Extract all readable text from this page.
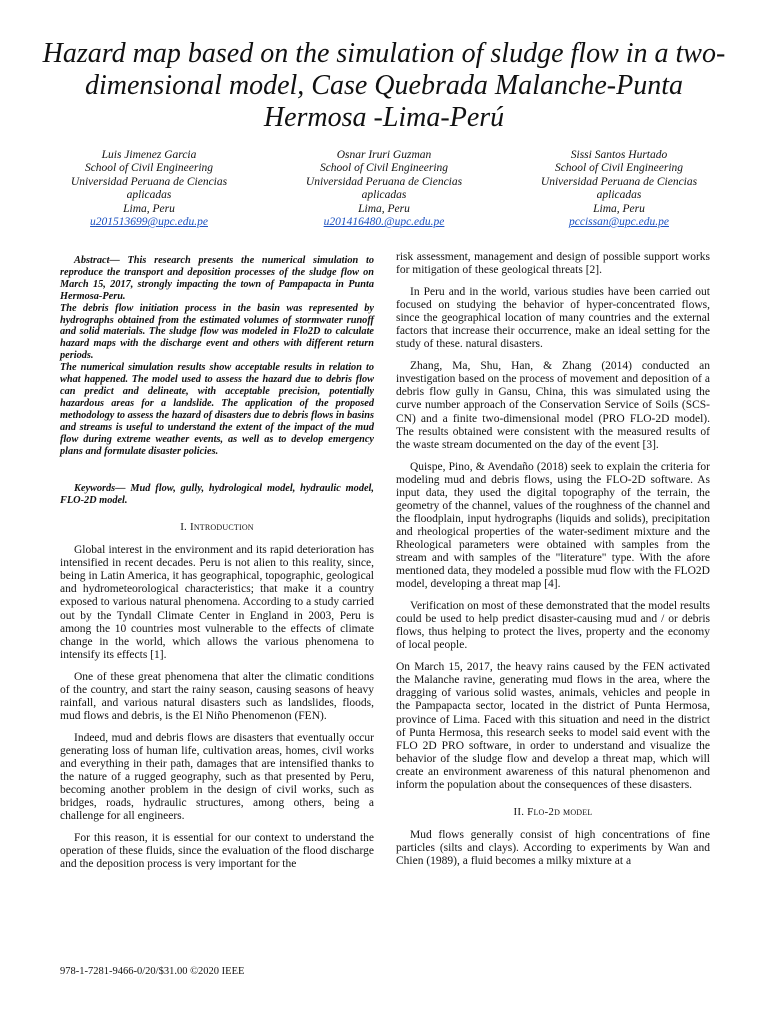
Hazard map based on the simulation of sludge flow in a two-dimensional model, Case Quebrada Malanche-Punta Hermosa -Lima-Perú
Luis Jimenez Garcia
School of Civil Engineering
Universidad Peruana de Ciencias
aplicadas
Lima, Peru
u201513699@upc.edu.pe
Osnar Iruri Guzman
School of Civil Engineering
Universidad Peruana de Ciencias
aplicadas
Lima, Peru
u201416480.@upc.edu.pe
Sissi Santos Hurtado
School of Civil Engineering
Universidad Peruana de Ciencias
aplicadas
Lima, Peru
pccissan@upc.edu.pe

Abstract— This research presents the numerical simulation to reproduce the transport and deposition processes of the sludge flow on March 15, 2017, strongly impacting the town of Pampapacta in Punta Hermosa-Peru.

The debris flow initiation process in the basin was represented by hydrographs obtained from the estimated volumes of stormwater runoff and solid materials. The sludge flow was modeled in Flo2D to calculate hazard maps with the discharge event and others with different return periods.

The numerical simulation results show acceptable results in relation to what happened. The model used to assess the hazard due to debris flow can predict and delineate, with acceptable precision, potentially hazardous areas for a landslide. The application of the proposed methodology to assess the hazard of disasters due to debris flows in basins and streams is useful to understand the extent of the impact of the mud flow during extreme weather events, as well as to develop emergency plans and formulate disaster policies.

Keywords— Mud flow, gully, hydrological model, hydraulic model, FLO-2D model.

I. Introduction

Global interest in the environment and its rapid deterioration has intensified in recent decades. Peru is not alien to this reality, since, being in Latin America, it has geographical, topographic, geological and hydrometeorological characteristics; that make it a country exposed to various natural phenomena. According to a study carried out by the Tyndall Climate Center in England in 2003, Peru is among the 10 countries most vulnerable to the effects of climate change in the world, which allows the various phenomena to intensify its effects [1].

One of these great phenomena that alter the climatic conditions of the country, and start the rainy season, causing seasons of heavy rainfall, and various natural disasters such as landslides, floods, mud flows and debris, is the El Niño Phenomenon (FEN).

Indeed, mud and debris flows are disasters that eventually occur generating loss of human life, cultivation areas, homes, civil works and everything in their path, damages that are intensified thanks to the nature of a rugged geography, such as that presented by Peru, becoming another problem in the design of civil works, such as bridges, roads, hydraulic structures, among others, being a challenge for all engineers.

For this reason, it is essential for our context to understand the operation of these fluids, since the evaluation of the flood discharge and the deposition process is very important for the

risk assessment, management and design of possible support works for mitigation of these geological threats [2].

In Peru and in the world, various studies have been carried out focused on studying the behavior of hyper-concentrated flows, since the geographical location of many countries and the external factors that increase their occurrence, make an ideal setting for the study of these. natural disasters.

Zhang, Ma, Shu, Han, & Zhang (2014) conducted an investigation based on the process of movement and deposition of a debris flow gully in Gansu, China, this was simulated using the curve number approach of the Conservation Service of Soils (SCS-CN) and a finite two-dimensional model (PRO FLO-2D model). The results obtained were consistent with the measured results of the waste stream documented on the day of the event [3].

Quispe, Pino, & Avendaño (2018) seek to explain the criteria for modeling mud and debris flows, using the FLO-2D software. As input data, they used the digital topography of the terrain, the geometry of the channel, values of the roughness of the channel and the floodplain, input hydrographs (liquids and solids), precipitation and rheological properties of the water-sediment mixture and the Rheological parameters were obtained with samples from the stream and with samples of the "literature" type. With the afore mentioned data, they modeled a possible mud flow with the FLO2D model, developing a threat map [4].

Verification on most of these demonstrated that the model results could be used to help predict disaster-causing mud and / or debris flows, thus helping to protect the lives, property and the economy of local people.

On March 15, 2017, the heavy rains caused by the FEN activated the Malanche ravine, generating mud flows in the area, where the dragging of various solid wastes, animals, vehicles and people in the Pampapacta sector, located in the district of Punta Hermosa, province of Lima. Faced with this situation and need in the district of Punta Hermosa, this research seeks to model said event with the FLO 2D PRO software, in order to understand and visualize the behavior of the sludge flow and develop a threat map, which will create an environment awareness of this natural phenomenon and inform the population about the consequences of these disasters.

II. Flo-2d model

Mud flows generally consist of high concentrations of fine particles (silts and clays). According to experiments by Wan and Chien (1989), a fluid becomes a milky mixture at a

978-1-7281-9466-0/20/$31.00 ©2020 IEEE
